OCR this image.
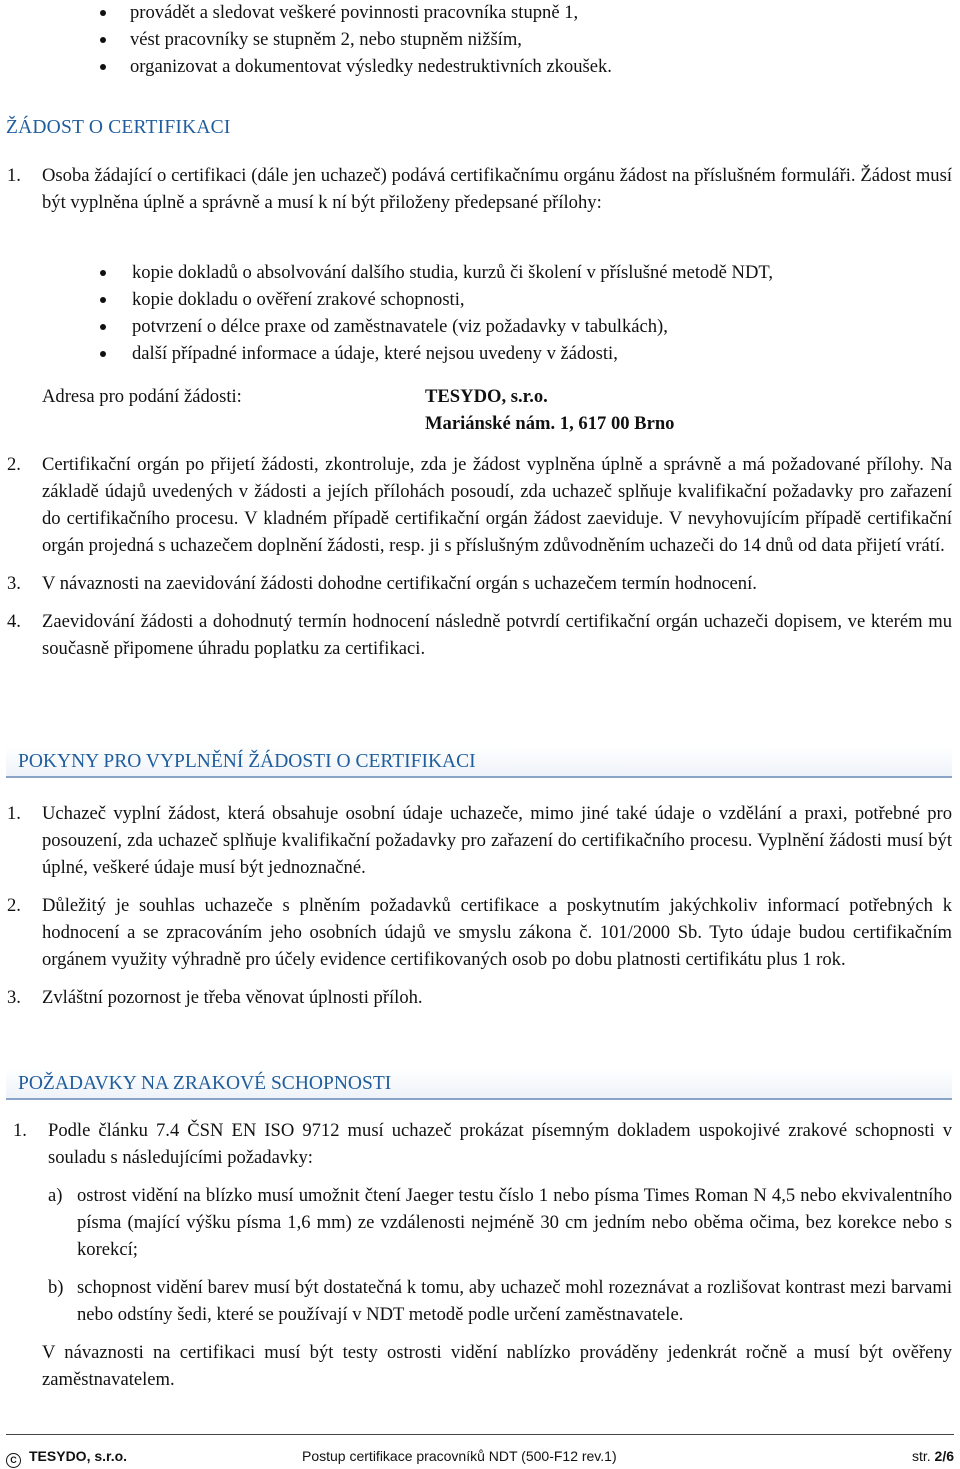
provádět a sledovat veškeré povinnosti pracovníka stupně 1,
vést pracovníky se stupněm 2, nebo stupněm nižším,
organizovat a dokumentovat výsledky nedestruktivních zkoušek.
ŽÁDOST O CERTIFIKACI
1. Osoba žádající o certifikaci (dále jen uchazeč) podává certifikačnímu orgánu žádost na příslušném formuláři. Žádost musí být vyplněna úplně a správně a musí k ní být přiloženy předepsané přílohy:
kopie dokladů o absolvování dalšího studia, kurzů či školení v příslušné metodě NDT,
kopie dokladu o ověření zrakové schopnosti,
potvrzení o délce praxe od zaměstnavatele (viz požadavky v tabulkách),
další případné informace a údaje, které nejsou uvedeny v žádosti,
Adresa pro podání žádosti:	TESYDO, s.r.o.
Mariánské nám. 1, 617 00 Brno
2. Certifikační orgán po přijetí žádosti, zkontroluje, zda je žádost vyplněna úplně a správně a má požadované přílohy. Na základě údajů uvedených v žádosti a jejích přílohách posoudí, zda uchazeč splňuje kvalifikační požadavky pro zařazení do certifikačního procesu. V kladném případě certifikační orgán žádost zaeviduje. V nevyhovujícím případě certifikační orgán projedná s uchazečem doplnění žádosti, resp. ji s příslušným zdůvodněním uchazeči do 14 dnů od data přijetí vrátí.
3. V návaznosti na zaevidování žádosti dohodne certifikační orgán s uchazečem termín hodnocení.
4. Zaevidování žádosti a dohodnutý termín hodnocení následně potvrdí certifikační orgán uchazeči dopisem, ve kterém mu současně připomene úhradu poplatku za certifikaci.
POKYNY PRO VYPLNĚNÍ ŽÁDOSTI O CERTIFIKACI
1. Uchazeč vyplní žádost, která obsahuje osobní údaje uchazeče, mimo jiné také údaje o vzdělání a praxi, potřebné pro posouzení, zda uchazeč splňuje kvalifikační požadavky pro zařazení do certifikačního procesu. Vyplnění žádosti musí být úplné, veškeré údaje musí být jednoznačné.
2. Důležitý je souhlas uchazeče s plněním požadavků certifikace a poskytnutím jakýchkoliv informací potřebných k hodnocení a se zpracováním jeho osobních údajů ve smyslu zákona č. 101/2000 Sb. Tyto údaje budou certifikačním orgánem využity výhradně pro účely evidence certifikovaných osob po dobu platnosti certifikátu plus 1 rok.
3. Zvláštní pozornost je třeba věnovat úplnosti příloh.
POŽADAVKY NA ZRAKOVÉ SCHOPNOSTI
1. Podle článku 7.4 ČSN EN ISO 9712 musí uchazeč prokázat písemným dokladem uspokojivé zrakové schopnosti v souladu s následujícími požadavky:
a) ostrost vidění na blízko musí umožnit čtení Jaeger testu číslo 1 nebo písma Times Roman N 4,5 nebo ekvivalentního písma (mající výšku písma 1,6 mm) ze vzdálenosti nejméně 30 cm jedním nebo oběma očima, bez korekce nebo s korekcí;
b) schopnost vidění barev musí být dostatečná k tomu, aby uchazeč mohl rozeznávat a rozlišovat kontrast mezi barvami nebo odstíny šedi, které se používají v NDT metodě podle určení zaměstnavatele.
V návaznosti na certifikaci musí být testy ostrosti vidění nablízko prováděny jedenkrát ročně a musí být ověřeny zaměstnavatelem.
C TESYDO, s.r.o.	Postup certifikace pracovníků NDT (500-F12 rev.1)	str. 2/6
